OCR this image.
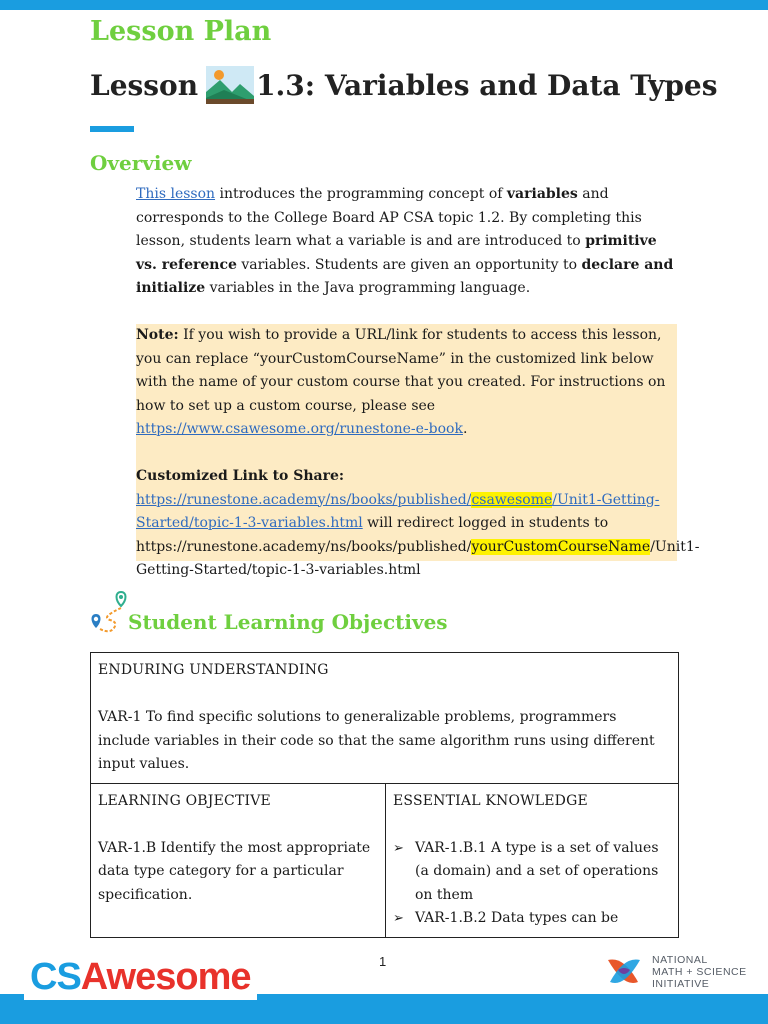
Lesson Plan
Lesson 1.3: Variables and Data Types
Overview

This lesson introduces the programming concept of variables and corresponds to the College Board AP CSA topic 1.2. By completing this lesson, students learn what a variable is and are introduced to primitive vs. reference variables. Students are given an opportunity to declare and initialize variables in the Java programming language.

Note: If you wish to provide a URL/link for students to access this lesson, you can replace “yourCustomCourseName” in the customized link below with the name of your custom course that you created. For instructions on how to set up a custom course, please see https://www.csawesome.org/runestone-e-book.

Customized Link to Share:
https://runestone.academy/ns/books/published/csawesome/Unit1-Getting-Started/topic-1-3-variables.html will redirect logged in students to https://runestone.academy/ns/books/published/yourCustomCourseName/Unit1-Getting-Started/topic-1-3-variables.html

Student Learning Objectives
ENDURING UNDERSTANDING
VAR-1 To find specific solutions to generalizable problems, programmers include variables in their code so that the same algorithm runs using different input values.

LEARNING OBJECTIVE
VAR-1.B Identify the most appropriate data type category for a particular specification.

ESSENTIAL KNOWLEDGE
➢ VAR-1.B.1 A type is a set of values (a domain) and a set of operations on them
➢ VAR-1.B.2 Data types can be
1
CS Awesome	NATIONAL
MATH + SCIENCE
INITIATIVE
